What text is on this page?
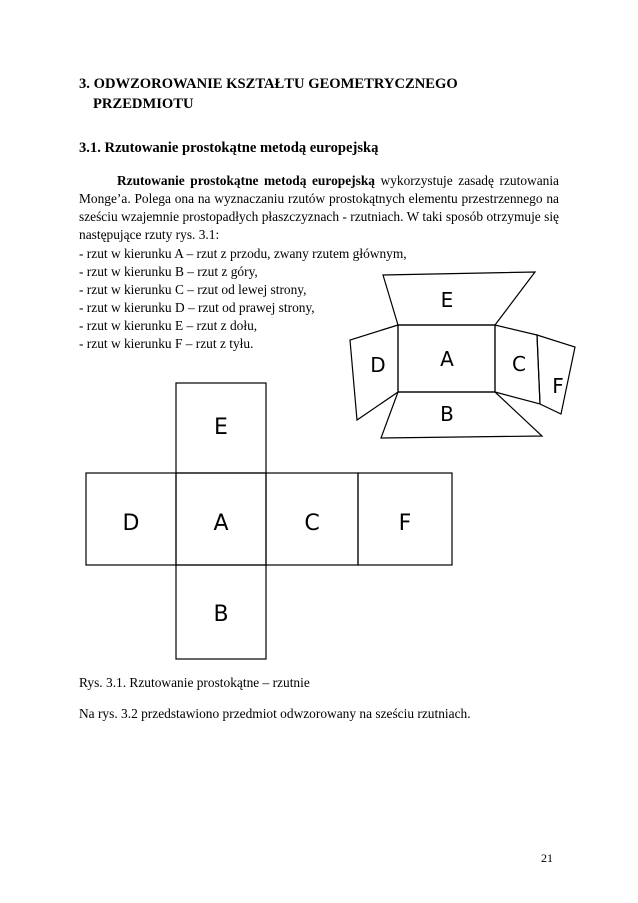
3. ODWZOROWANIE KSZTAŁTU GEOMETRYCZNEGO
PRZEDMIOTU
3.1. Rzutowanie prostokątne metodą europejską
Rzutowanie prostokątne metodą europejską wykorzystuje zasadę rzutowania Monge’a. Polega ona na wyznaczaniu rzutów prostokątnych elementu przestrzennego na sześciu wzajemnie prostopadłych płaszczyznach - rzutniach. W taki sposób otrzymuje się następujące rzuty rys. 3.1:
- rzut w kierunku A – rzut z przodu, zwany rzutem głównym,
- rzut w kierunku B – rzut z góry,
- rzut w kierunku C – rzut od lewej strony,
- rzut w kierunku D – rzut od prawej strony,
- rzut w kierunku E – rzut z dołu,
- rzut w kierunku F – rzut z tyłu.
E
D	A	C
F
B
E
D	A	C	F
B
Rys. 3.1. Rzutowanie prostokątne – rzutnie
Na rys. 3.2 przedstawiono przedmiot odwzorowany na sześciu rzutniach.
21
